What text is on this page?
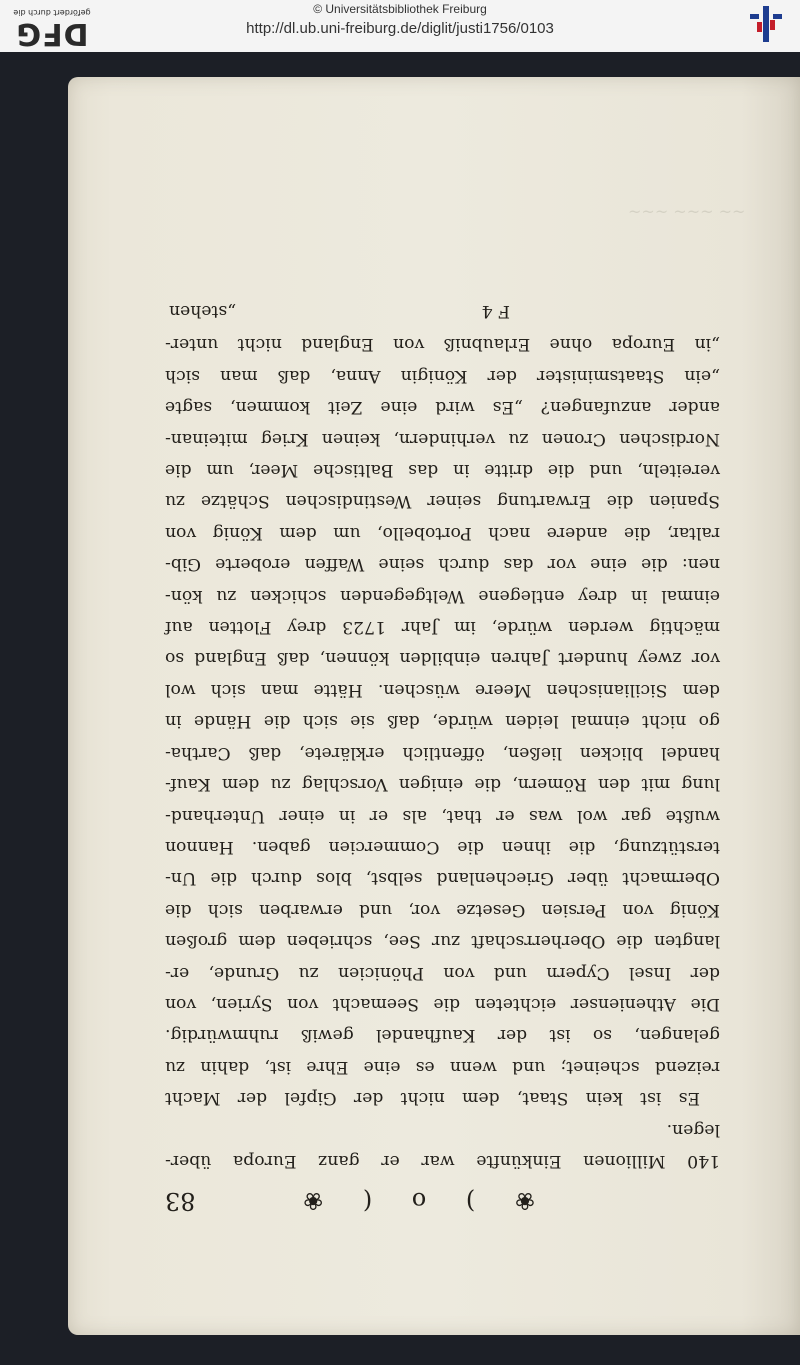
DFG
gefördert durch die	© Universitätsbibliothek Freiburg
http://dl.ub.uni-freiburg.de/diglit/justi1756/0103
~~~ ~~~ ~~
❀ ) o ( ❀
83
140 Millionen Einkünfte war er ganz Europa über-
legen.
Es ist kein Staat, dem nicht der Gipfel der Macht
reizend scheinet; und wenn es eine Ehre ist, dahin zu
gelangen, so ist der Kaufhandel gewiß ruhmwürdig.
Die Athenienser eichteten die Seemacht von Syrien, von
der Insel Cypern und von Phönicien zu Grunde, er-
langten die Oberherrschaft zur See, schrieben dem großen
König von Persien Gesetze vor, und erwarben sich die
Obermacht über Griechenland selbst, blos durch die Un-
terstützung, die ihnen die Commercien gaben. Hannon
wußte gar wol was er that, als er in einer Unterhand-
lung mit den Römern, die einigen Vorschlag zu dem Kauf-
handel blicken ließen, öffentlich erklärete, daß Cartha-
go nicht einmal leiden würde, daß sie sich die Hände in
dem Sicilianischen Meere wüschen. Hätte man sich wol
vor zwey hundert Jahren einbilden können, daß England so
mächtig werden würde, im Jahr 1723 drey Flotten auf
einmal in drey entlegene Weltgegenden schicken zu kön-
nen: die eine vor das durch seine Waffen eroberte Gib-
raltar, die andere nach Portobello, um dem König von
Spanien die Erwartung seiner Westindischen Schätze zu
vereiteln, und die dritte in das Baltische Meer, um die
Nordischen Cronen zu verhindern, keinen Krieg miteinan-
ander anzufangen? „Es wird eine Zeit kommen, sagte
„ein Staatsminister der Königin Anna, daß man sich
„in Europa ohne Erlaubniß von England nicht unter-
F 4
„stehen
